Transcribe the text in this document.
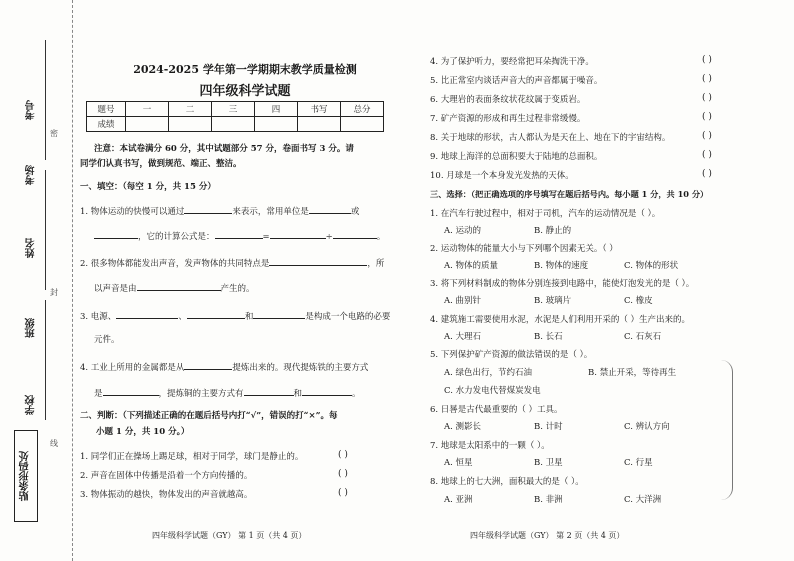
考号
考场
姓名
班级
学校
密
封
线
贴条形码处
2024-2025 学年第一学期期末教学质量检测
四年级科学试题
题号	一	二	三	四	书写	总分
成绩						
注意：本试卷满分 60 分，其中试题部分 57 分，卷面书写 3 分。请
同学们认真书写，做到规范、端正、整洁。
一、填空：（每空 1 分，共 15 分）
1. 物体运动的快慢可以通过	来表示，常用单位是	或
，它的计算公式是：	=	÷	。
2. 很多物体都能发出声音，发声物体的共同特点是	，所
以声音是由	产生的。
3. 电源、	、	和	是构成一个电路的必要
元件。
4. 工业上所用的金属都是从	提炼出来的。现代提炼铁的主要方式
是	，提炼铜的主要方式有	和	。
二、判断：（下列描述正确的在题后括号内打“√”，错误的打“×”。每
小题 1 分，共 10 分。）
1. 同学们正在操场上踢足球，相对于同学，球门是静止的。	( )
2. 声音在固体中传播是沿着一个方向传播的。	( )
3. 物体振动的越快，物体发出的声音就越高。	( )
四年级科学试题（GY） 第 1 页（共 4 页）
4. 为了保护听力，要经常把耳朵掏洗干净。	( )
5. 比正常室内谈话声音大的声音都属于噪音。	( )
6. 大理岩的表面条纹状花纹属于变质岩。	( )
7. 矿产资源的形成和再生过程非常缓慢。	( )
8. 关于地球的形状，古人都认为是天在上、地在下的宇宙结构。	( )
9. 地球上海洋的总面积要大于陆地的总面积。	( )
10. 月球是一个本身发光发热的天体。	( )
三、选择：（把正确选项的序号填写在题后括号内。每小题 1 分，共 10 分）
1. 在汽车行驶过程中，相对于司机，汽车的运动情况是（ ）。
A. 运动的	B. 静止的
2. 运动物体的能量大小与下列哪个因素无关。（ ）
A. 物体的质量	B. 物体的速度	C. 物体的形状
3. 将下列材料制成的物体分别连接到电路中，能使灯泡发光的是（ ）。
A. 曲别针	B. 玻璃片	C. 橡皮
4. 建筑施工需要使用水泥，水泥是人们利用开采的（ ）生产出来的。
A. 大理石	B. 长石	C. 石灰石
5. 下列保护矿产资源的做法错误的是（ ）。
A. 绿色出行，节约石油	B. 禁止开采，等待再生
C. 水力发电代替煤炭发电
6. 日晷是古代最重要的（ ）工具。
A. 测影长	B. 计时	C. 辨认方向
7. 地球是太阳系中的一颗（ ）。
A. 恒星	B. 卫星	C. 行星
8. 地球上的七大洲，面积最大的是（ ）。
A. 亚洲	B. 非洲	C. 大洋洲
四年级科学试题（GY） 第 2 页（共 4 页）
